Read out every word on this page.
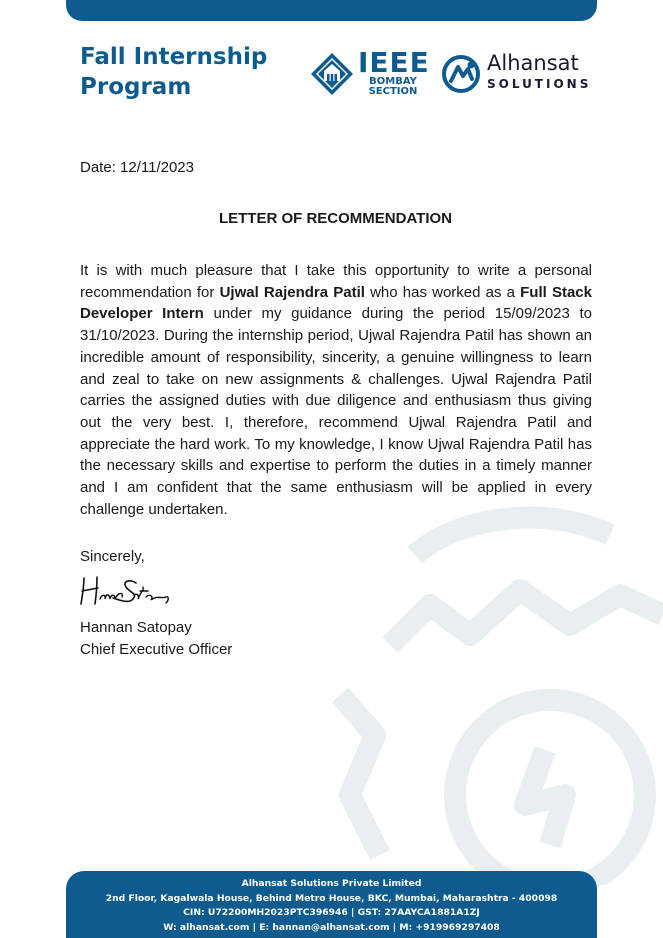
Fall Internship
Program
IEEE
BOMBAY
SECTION
Alhansat
SOLUTIONS
Date: 12/11/2023
LETTER OF RECOMMENDATION

It is with much pleasure that I take this opportunity to write a personal recommendation for Ujwal Rajendra Patil who has worked as a Full Stack Developer Intern under my guidance during the period 15/09/2023 to 31/10/2023. During the internship period, Ujwal Rajendra Patil has shown an incredible amount of responsibility, sincerity, a genuine willingness to learn and zeal to take on new assignments & challenges. Ujwal Rajendra Patil carries the assigned duties with due diligence and enthusiasm thus giving out the very best. I, therefore, recommend Ujwal Rajendra Patil and appreciate the hard work. To my knowledge, I know Ujwal Rajendra Patil has the necessary skills and expertise to perform the duties in a timely manner and I am confident that the same enthusiasm will be applied in every challenge undertaken.

Sincerely,
Hannan Satopay
Chief Executive Officer
Alhansat Solutions Private Limited
2nd Floor, Kagalwala House, Behind Metro House, BKC, Mumbai, Maharashtra - 400098
CIN: U72200MH2023PTC396946 | GST: 27AAYCA1881A1ZJ
W: alhansat.com | E: hannan@alhansat.com | M: +919969297408
